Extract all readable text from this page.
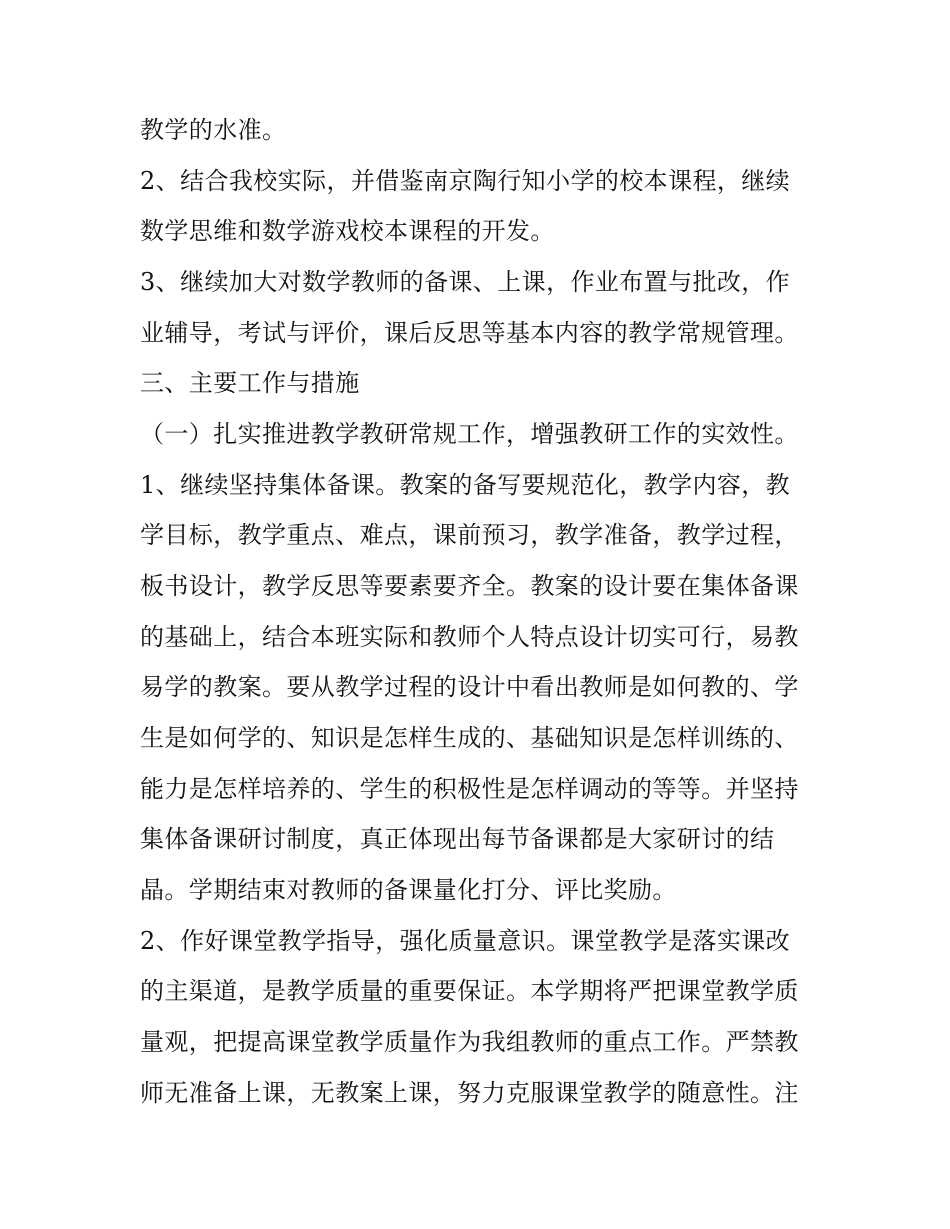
教学的水准。
2、结合我校实际，并借鉴南京陶行知小学的校本课程，继续
数学思维和数学游戏校本课程的开发。
3、继续加大对数学教师的备课、上课，作业布置与批改，作
业辅导，考试与评价，课后反思等基本内容的教学常规管理。
三、主要工作与措施
（一）扎实推进教学教研常规工作，增强教研工作的实效性。
1、继续坚持集体备课。教案的备写要规范化，教学内容，教
学目标，教学重点、难点，课前预习，教学准备，教学过程，
板书设计，教学反思等要素要齐全。教案的设计要在集体备课
的基础上，结合本班实际和教师个人特点设计切实可行，易教
易学的教案。要从教学过程的设计中看出教师是如何教的、学
生是如何学的、知识是怎样生成的、基础知识是怎样训练的、
能力是怎样培养的、学生的积极性是怎样调动的等等。并坚持
集体备课研讨制度，真正体现出每节备课都是大家研讨的结
晶。学期结束对教师的备课量化打分、评比奖励。
2、作好课堂教学指导，强化质量意识。课堂教学是落实课改
的主渠道，是教学质量的重要保证。本学期将严把课堂教学质
量观，把提高课堂教学质量作为我组教师的重点工作。严禁教
师无准备上课，无教案上课，努力克服课堂教学的随意性。注
